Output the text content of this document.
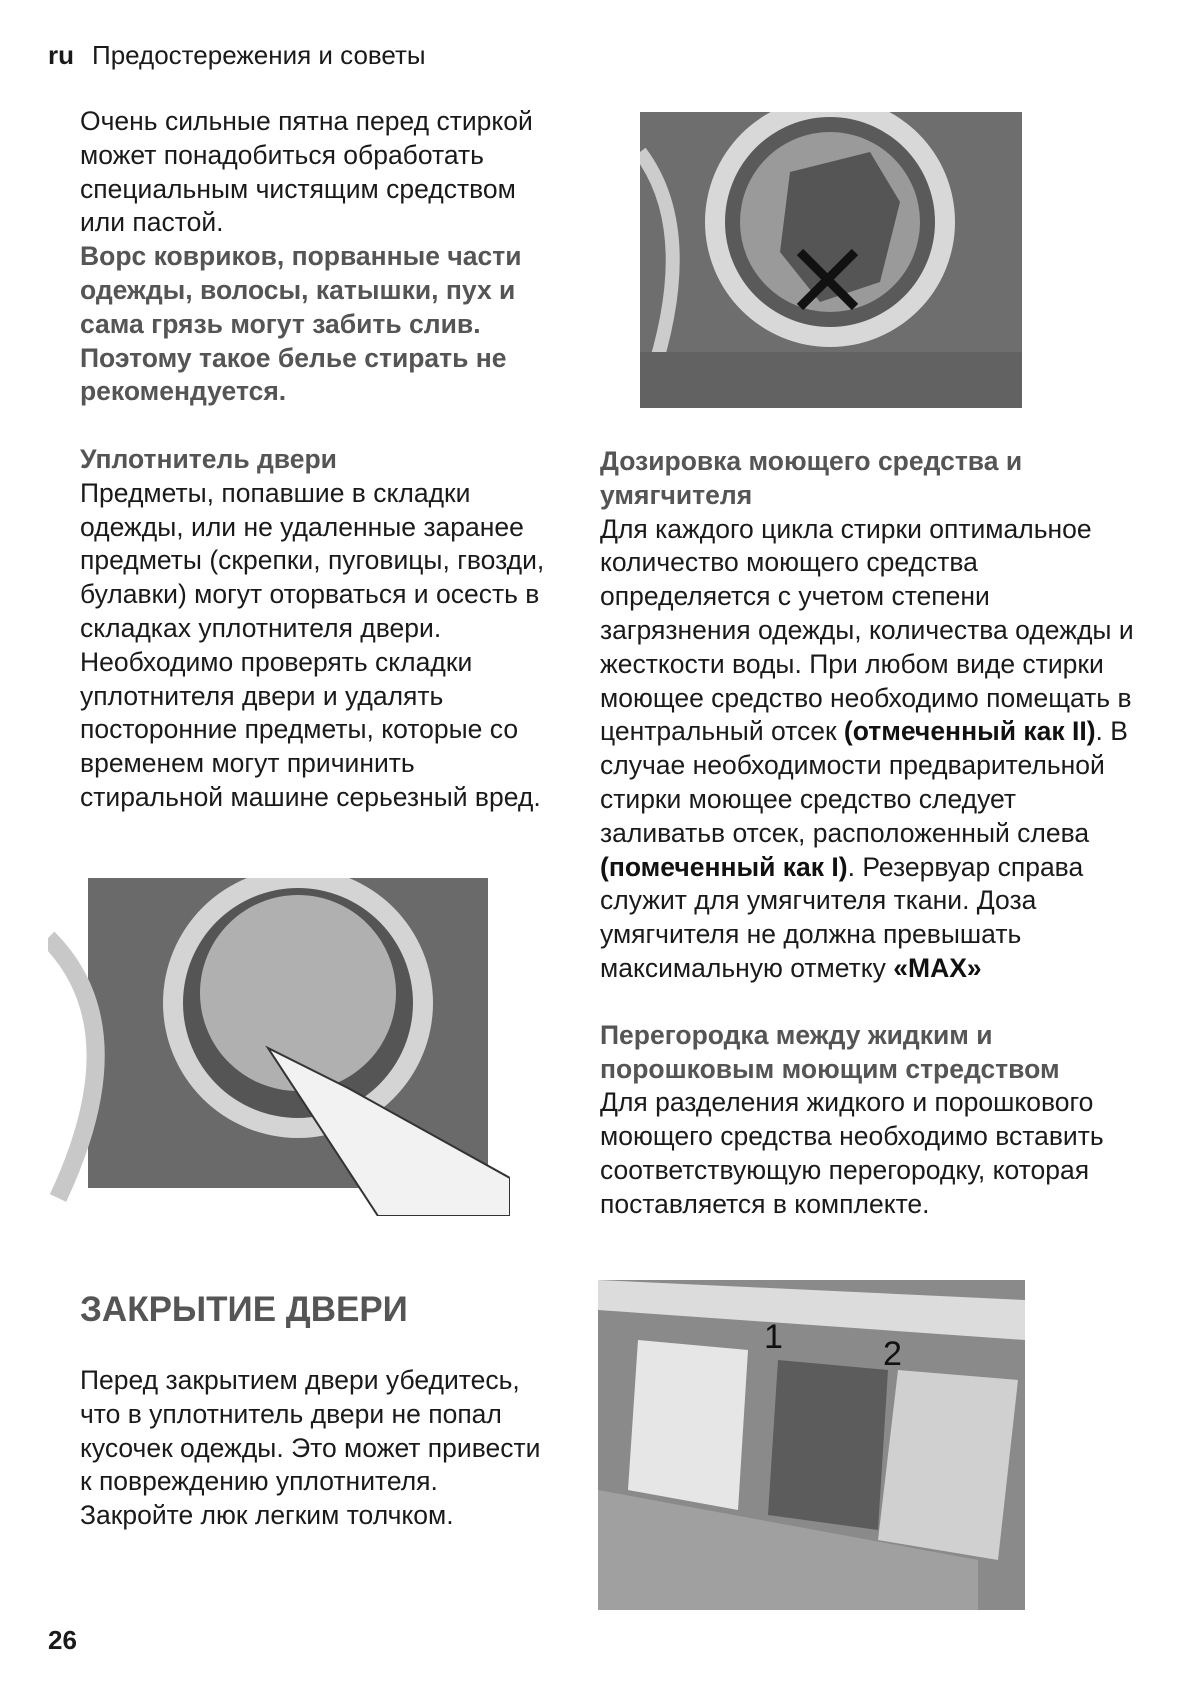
ru Предостережения и советы

Очень сильные пятна перед стиркой может понадобиться обработать специальным чистящим средством или пастой.

Ворс ковриков, порванные части одежды, волосы, катышки, пух и сама грязь могут забить слив. Поэтому такое белье стирать не рекомендуется.

Уплотнитель двери

Предметы, попавшие в складки одежды, или не удаленные заранее предметы (скрепки, пуговицы, гвозди, булавки) могут оторваться и осесть в складках уплотнителя двери. Необходимо проверять складки уплотнителя двери и удалять посторонние предметы, которые со временем могут причинить стиральной машине серьезный вред.

Дозировка моющего средства и умягчителя

Для каждого цикла стирки оптимальное количество моющего средства определяется с учетом степени загрязнения одежды, количества одежды и жесткости воды. При любом виде стирки моющее средство необходимо помещать в центральный отсек (отмеченный как II). В случае необходимости предварительной стирки моющее средство следует заливатьв отсек, расположенный слева (помеченный как I). Резервуар справа служит для умягчителя ткани. Доза умягчителя не должна превышать максимальную отметку «MAX»

Перегородка между жидким и порошковым моющим стредством

Для разделения жидкого и порошкового моющего средства необходимо вставить соответствующую перегородку, которая поставляется в комплекте.

ЗАКРЫТИЕ ДВЕРИ
Перед закрытием двери убедитесь, что в уплотнитель двери не попал кусочек одежды. Это может привести к повреждению уплотнителя. Закройте люк легким толчком.
1	2
26
